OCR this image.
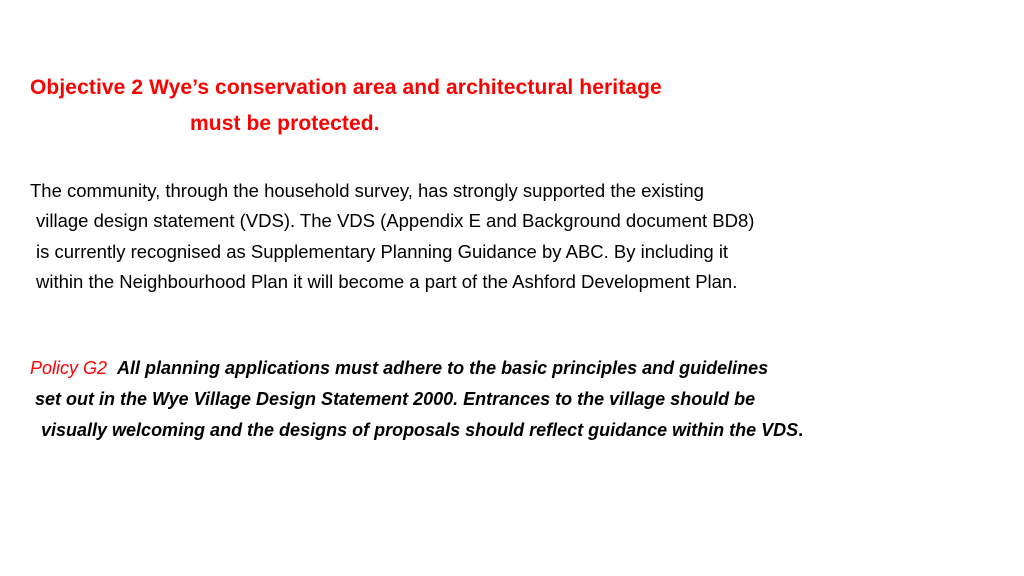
Objective 2 Wye’s conservation area and architectural heritage
must be protected.
The community, through the household survey, has strongly supported the existing
village design statement (VDS). The VDS (Appendix E and Background document BD8)
is currently recognised as Supplementary Planning Guidance by ABC. By including it
within the Neighbourhood Plan it will become a part of the Ashford Development Plan.
Policy G2 All planning applications must adhere to the basic principles and guidelines
set out in the Wye Village Design Statement 2000. Entrances to the village should be
visually welcoming and the designs of proposals should reflect guidance within the VDS.
